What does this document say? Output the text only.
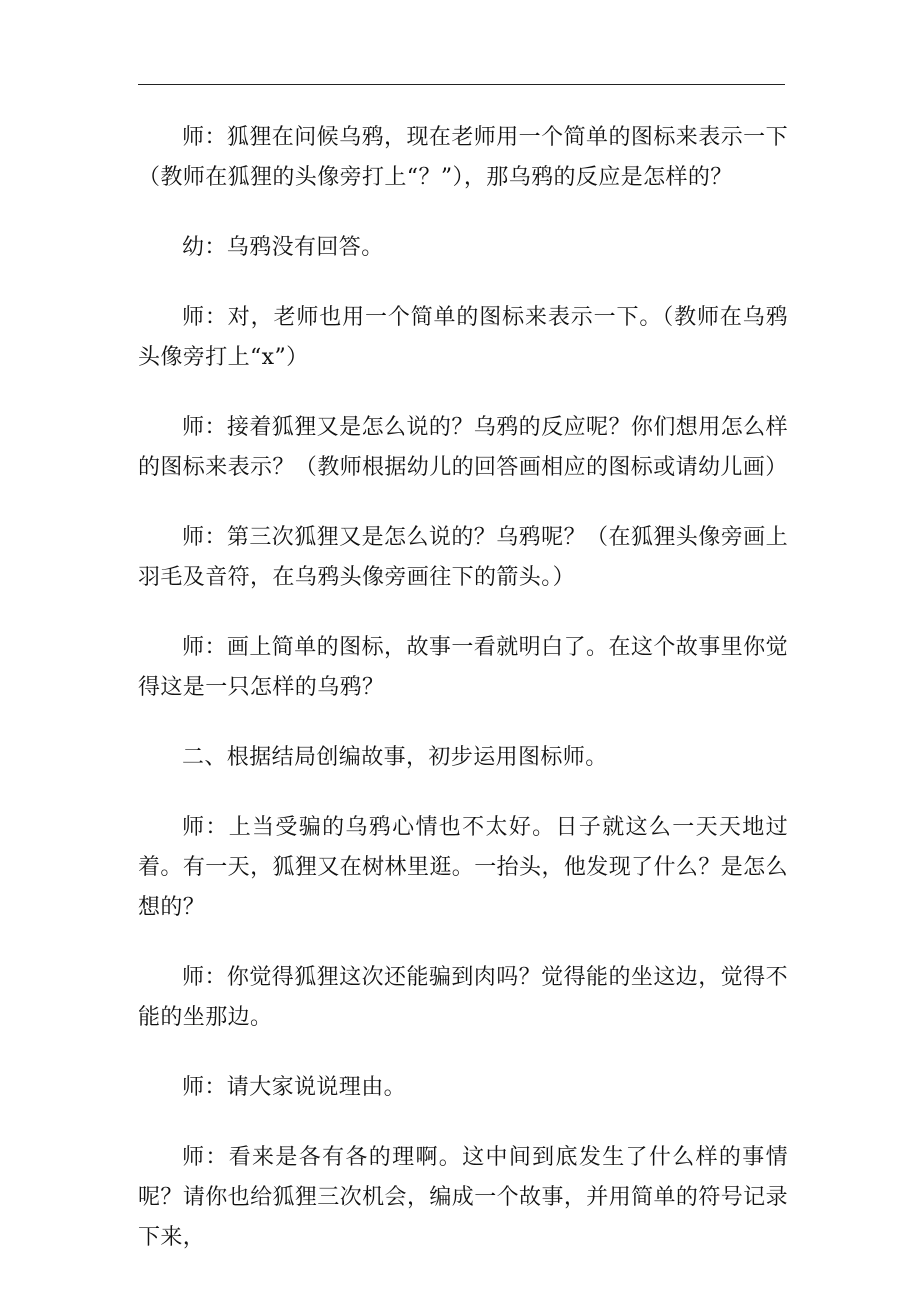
师：狐狸在问候乌鸦，现在老师用一个简单的图标来表示一下（教师在狐狸的头像旁打上“？”），那乌鸦的反应是怎样的？

幼：乌鸦没有回答。

师：对，老师也用一个简单的图标来表示一下。（教师在乌鸦头像旁打上“x”）

师：接着狐狸又是怎么说的？乌鸦的反应呢？你们想用怎么样的图标来表示？（教师根据幼儿的回答画相应的图标或请幼儿画）

师：第三次狐狸又是怎么说的？乌鸦呢？（在狐狸头像旁画上羽毛及音符，在乌鸦头像旁画往下的箭头。）

师：画上简单的图标，故事一看就明白了。在这个故事里你觉得这是一只怎样的乌鸦？

二、根据结局创编故事，初步运用图标师。

师：上当受骗的乌鸦心情也不太好。日子就这么一天天地过着。有一天，狐狸又在树林里逛。一抬头，他发现了什么？是怎么想的？

师：你觉得狐狸这次还能骗到肉吗？觉得能的坐这边，觉得不能的坐那边。

师：请大家说说理由。

师：看来是各有各的理啊。这中间到底发生了什么样的事情呢？请你也给狐狸三次机会，编成一个故事，并用简单的符号记录下来，
